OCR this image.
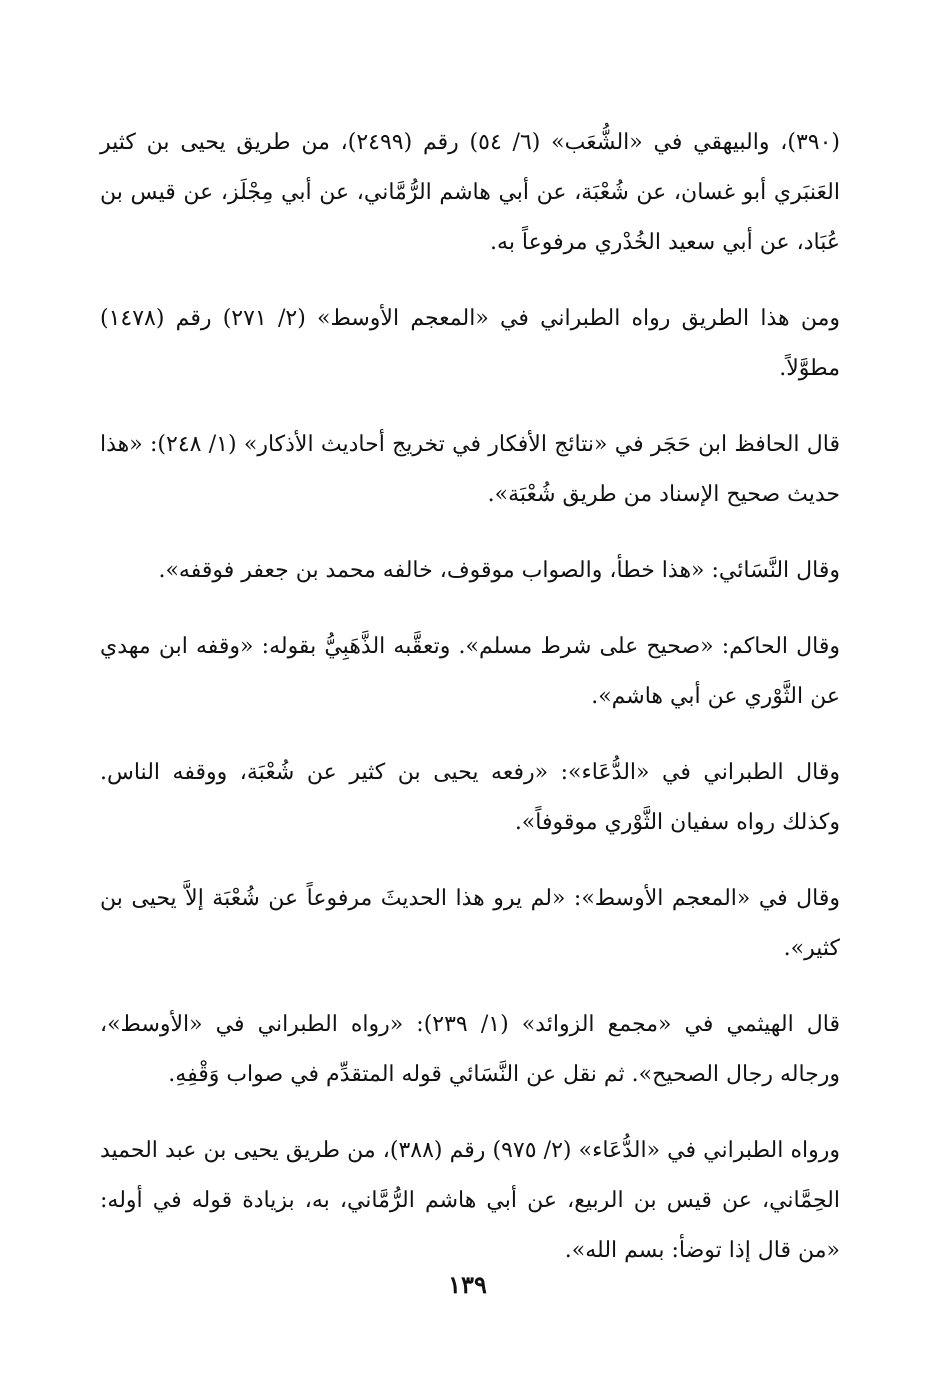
(٣٩٠)، والبيهقي في «الشُّعَب» (٦/ ٥٤) رقم (٢٤٩٩)، من طريق يحيى بن كثير العَنبَري أبو غسان، عن شُعْبَة، عن أبي هاشم الرُّمَّاني، عن أبي مِجْلَز، عن قيس بن عُبَاد، عن أبي سعيد الخُدْري مرفوعاً به.

ومن هذا الطريق رواه الطبراني في «المعجم الأوسط» (٢/ ٢٧١) رقم (١٤٧٨) مطوَّلاً.

قال الحافظ ابن حَجَر في «نتائج الأفكار في تخريج أحاديث الأذكار» (١/ ٢٤٨): «هذا حديث صحيح الإسناد من طريق شُعْبَة».

وقال النَّسَائي: «هذا خطأ، والصواب موقوف، خالفه محمد بن جعفر فوقفه».

وقال الحاكم: «صحيح على شرط مسلم». وتعقَّبه الذَّهَبِيُّ بقوله: «وقفه ابن مهدي عن الثَّوْري عن أبي هاشم».

وقال الطبراني في «الدُّعَاء»: «رفعه يحيى بن كثير عن شُعْبَة، ووقفه الناس. وكذلك رواه سفيان الثَّوْري موقوفاً».

وقال في «المعجم الأوسط»: «لم يرو هذا الحديثَ مرفوعاً عن شُعْبَة إلاَّ يحيى بن كثير».

قال الهيثمي في «مجمع الزوائد» (١/ ٢٣٩): «رواه الطبراني في «الأوسط»، ورجاله رجال الصحيح». ثم نقل عن النَّسَائي قوله المتقدِّم في صواب وَقْفِهِ.

ورواه الطبراني في «الدُّعَاء» (٢/ ٩٧٥) رقم (٣٨٨)، من طريق يحيى بن عبد الحميد الحِمَّاني، عن قيس بن الربيع، عن أبي هاشم الرُّمَّاني، به، بزيادة قوله في أوله: «من قال إذا توضأ: بسم الله».

١٣٩
